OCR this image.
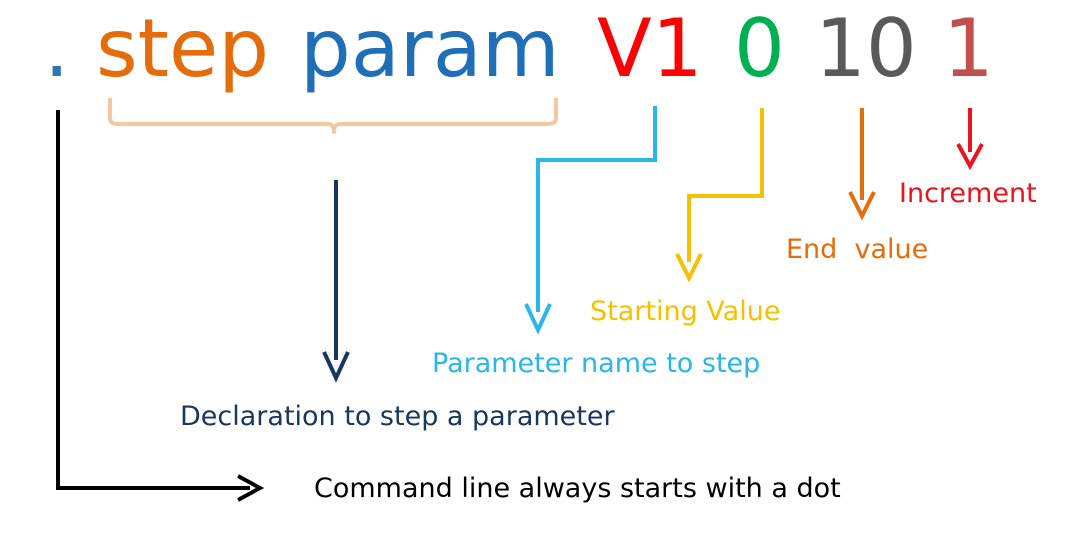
. step param V1 0 10 1
Increment
End  value
Starting Value
Parameter name to step
Declaration to step a parameter
Command line always starts with a dot
